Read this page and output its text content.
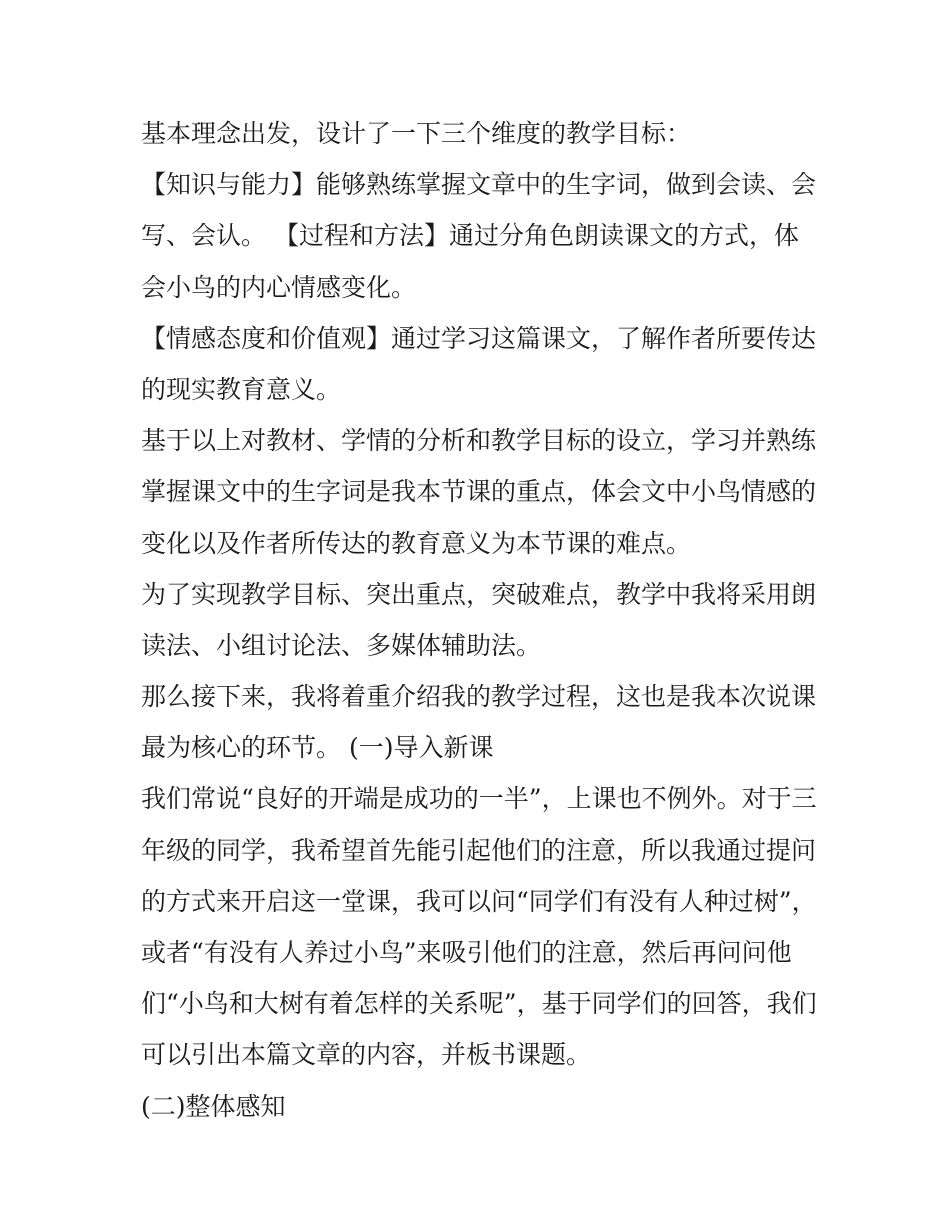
基本理念出发，设计了一下三个维度的教学目标：
【知识与能力】能够熟练掌握文章中的生字词，做到会读、会
写、会认。 【过程和方法】通过分角色朗读课文的方式，体
会小鸟的内心情感变化。
【情感态度和价值观】通过学习这篇课文，了解作者所要传达
的现实教育意义。
基于以上对教材、学情的分析和教学目标的设立，学习并熟练
掌握课文中的生字词是我本节课的重点，体会文中小鸟情感的
变化以及作者所传达的教育意义为本节课的难点。
为了实现教学目标、突出重点，突破难点，教学中我将采用朗
读法、小组讨论法、多媒体辅助法。
那么接下来，我将着重介绍我的教学过程，这也是我本次说课
最为核心的环节。 (一)导入新课
我们常说“良好的开端是成功的一半”，上课也不例外。对于三
年级的同学，我希望首先能引起他们的注意，所以我通过提问
的方式来开启这一堂课，我可以问“同学们有没有人种过树”，
或者“有没有人养过小鸟”来吸引他们的注意，然后再问问他
们“小鸟和大树有着怎样的关系呢”，基于同学们的回答，我们
可以引出本篇文章的内容，并板书课题。
(二)整体感知
